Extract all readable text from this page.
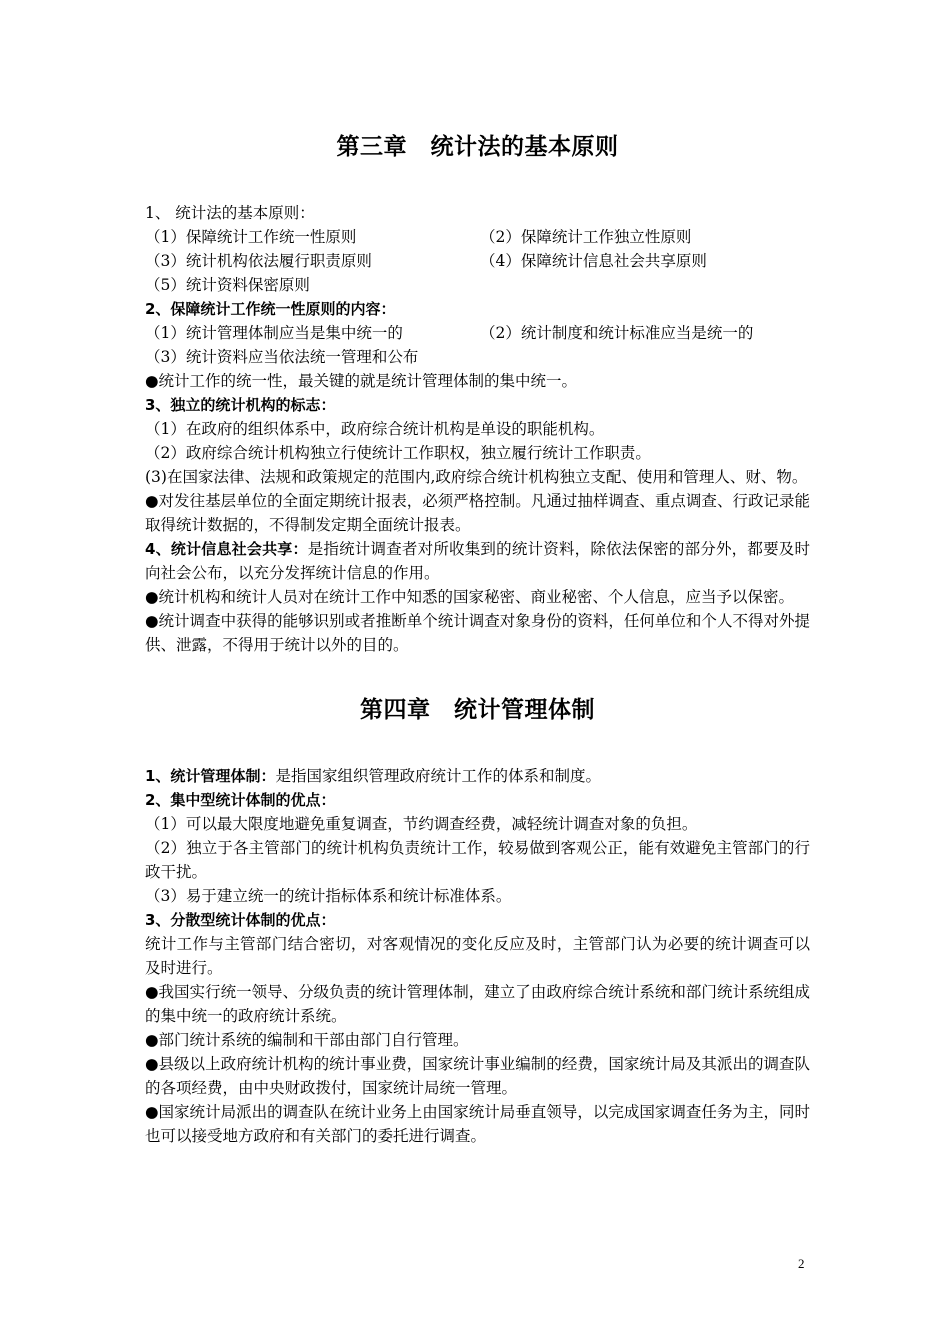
第三章　统计法的基本原则
1、 统计法的基本原则：
（1）保障统计工作统一性原则	（2）保障统计工作独立性原则
（3）统计机构依法履行职责原则	（4）保障统计信息社会共享原则
（5）统计资料保密原则
2、保障统计工作统一性原则的内容：
（1）统计管理体制应当是集中统一的	（2）统计制度和统计标准应当是统一的
（3）统计资料应当依法统一管理和公布
●统计工作的统一性，最关键的就是统计管理体制的集中统一。
3、独立的统计机构的标志：
（1）在政府的组织体系中，政府综合统计机构是单设的职能机构。
（2）政府综合统计机构独立行使统计工作职权，独立履行统计工作职责。
(3)在国家法律、法规和政策规定的范围内,政府综合统计机构独立支配、使用和管理人、财、物。
●对发往基层单位的全面定期统计报表，必须严格控制。凡通过抽样调查、重点调查、行政记录能取得统计数据的，不得制发定期全面统计报表。
4、统计信息社会共享：是指统计调查者对所收集到的统计资料，除依法保密的部分外，都要及时向社会公布，以充分发挥统计信息的作用。
●统计机构和统计人员对在统计工作中知悉的国家秘密、商业秘密、个人信息，应当予以保密。
●统计调查中获得的能够识别或者推断单个统计调查对象身份的资料，任何单位和个人不得对外提供、泄露，不得用于统计以外的目的。
第四章　统计管理体制
1、统计管理体制：是指国家组织管理政府统计工作的体系和制度。
2、集中型统计体制的优点：
（1）可以最大限度地避免重复调查，节约调查经费，减轻统计调查对象的负担。
（2）独立于各主管部门的统计机构负责统计工作，较易做到客观公正，能有效避免主管部门的行政干扰。
（3）易于建立统一的统计指标体系和统计标准体系。
3、分散型统计体制的优点：
统计工作与主管部门结合密切，对客观情况的变化反应及时，主管部门认为必要的统计调查可以及时进行。
●我国实行统一领导、分级负责的统计管理体制，建立了由政府综合统计系统和部门统计系统组成的集中统一的政府统计系统。
●部门统计系统的编制和干部由部门自行管理。
●县级以上政府统计机构的统计事业费，国家统计事业编制的经费，国家统计局及其派出的调查队的各项经费，由中央财政拨付，国家统计局统一管理。
●国家统计局派出的调查队在统计业务上由国家统计局垂直领导，以完成国家调查任务为主，同时也可以接受地方政府和有关部门的委托进行调查。
2
